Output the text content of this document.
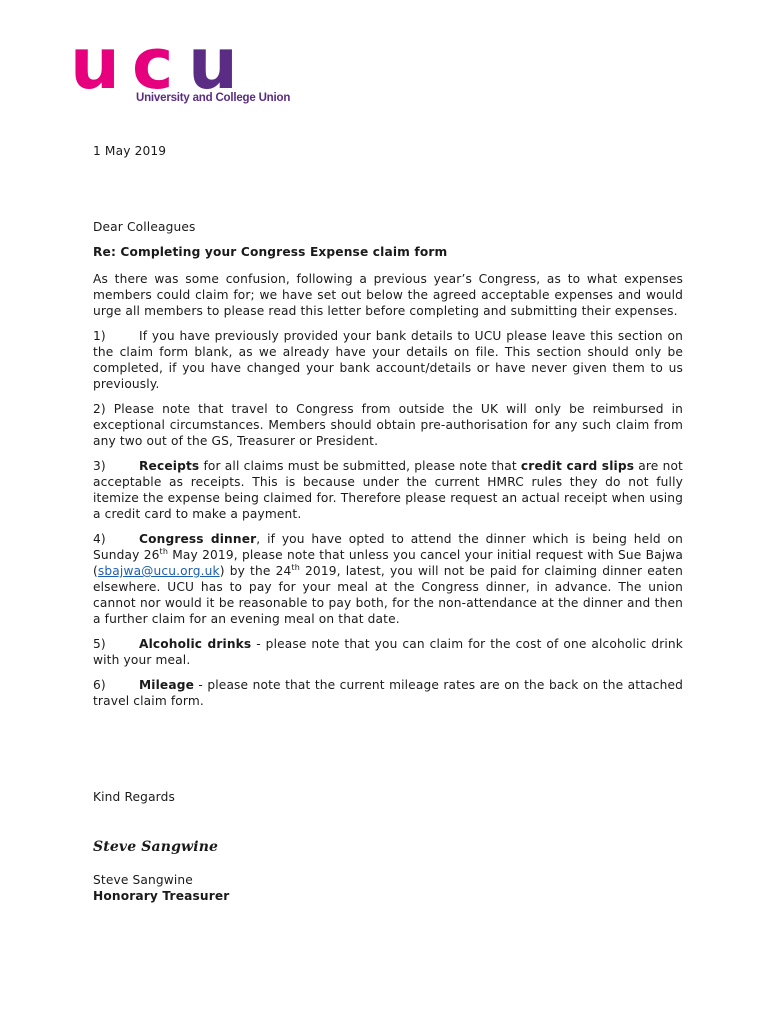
u c u
University and College Union
1 May 2019
Dear Colleagues
Re: Completing your Congress Expense claim form

As there was some confusion, following a previous year’s Congress, as to what expenses members could claim for; we have set out below the agreed acceptable expenses and would urge all members to please read this letter before completing and submitting their expenses.

1)	If you have previously provided your bank details to UCU please leave this section on the claim form blank, as we already have your details on file. This section should only be completed, if you have changed your bank account/details or have never given them to us previously.

2) Please note that travel to Congress from outside the UK will only be reimbursed in exceptional circumstances. Members should obtain pre-authorisation for any such claim from any two out of the GS, Treasurer or President.

3)	Receipts for all claims must be submitted, please note that credit card slips are not acceptable as receipts. This is because under the current HMRC rules they do not fully itemize the expense being claimed for. Therefore please request an actual receipt when using a credit card to make a payment.

4)	Congress dinner, if you have opted to attend the dinner which is being held on Sunday 26th May 2019, please note that unless you cancel your initial request with Sue Bajwa (sbajwa@ucu.org.uk) by the 24th 2019, latest, you will not be paid for claiming dinner eaten elsewhere. UCU has to pay for your meal at the Congress dinner, in advance. The union cannot nor would it be reasonable to pay both, for the non-attendance at the dinner and then a further claim for an evening meal on that date.

5)	Alcoholic drinks - please note that you can claim for the cost of one alcoholic drink with your meal.

6)	Mileage - please note that the current mileage rates are on the back on the attached travel claim form.

Kind Regards
Steve Sangwine
Steve Sangwine
Honorary Treasurer
